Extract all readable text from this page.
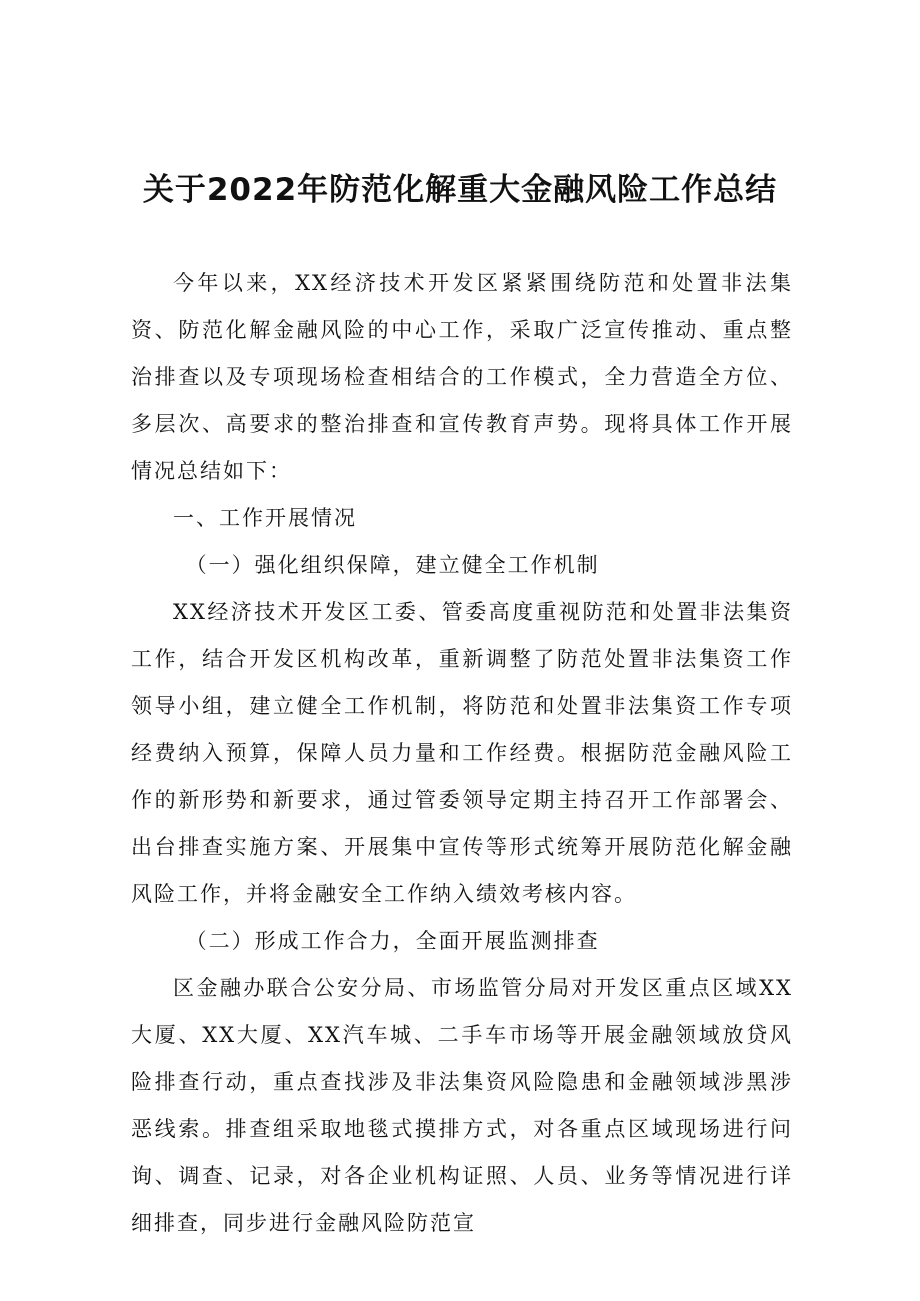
关于2022年防范化解重大金融风险工作总结

今年以来，XX经济技术开发区紧紧围绕防范和处置非法集资、防范化解金融风险的中心工作，采取广泛宣传推动、重点整治排查以及专项现场检查相结合的工作模式，全力营造全方位、多层次、高要求的整治排查和宣传教育声势。现将具体工作开展情况总结如下：

一、工作开展情况

（一）强化组织保障，建立健全工作机制

XX经济技术开发区工委、管委高度重视防范和处置非法集资工作，结合开发区机构改革，重新调整了防范处置非法集资工作领导小组，建立健全工作机制，将防范和处置非法集资工作专项经费纳入预算，保障人员力量和工作经费。根据防范金融风险工作的新形势和新要求，通过管委领导定期主持召开工作部署会、出台排查实施方案、开展集中宣传等形式统筹开展防范化解金融风险工作，并将金融安全工作纳入绩效考核内容。

（二）形成工作合力，全面开展监测排查

区金融办联合公安分局、市场监管分局对开发区重点区域XX大厦、XX大厦、XX汽车城、二手车市场等开展金融领域放贷风险排查行动，重点查找涉及非法集资风险隐患和金融领域涉黑涉恶线索。排查组采取地毯式摸排方式，对各重点区域现场进行问询、调查、记录，对各企业机构证照、人员、业务等情况进行详细排查，同步进行金融风险防范宣
